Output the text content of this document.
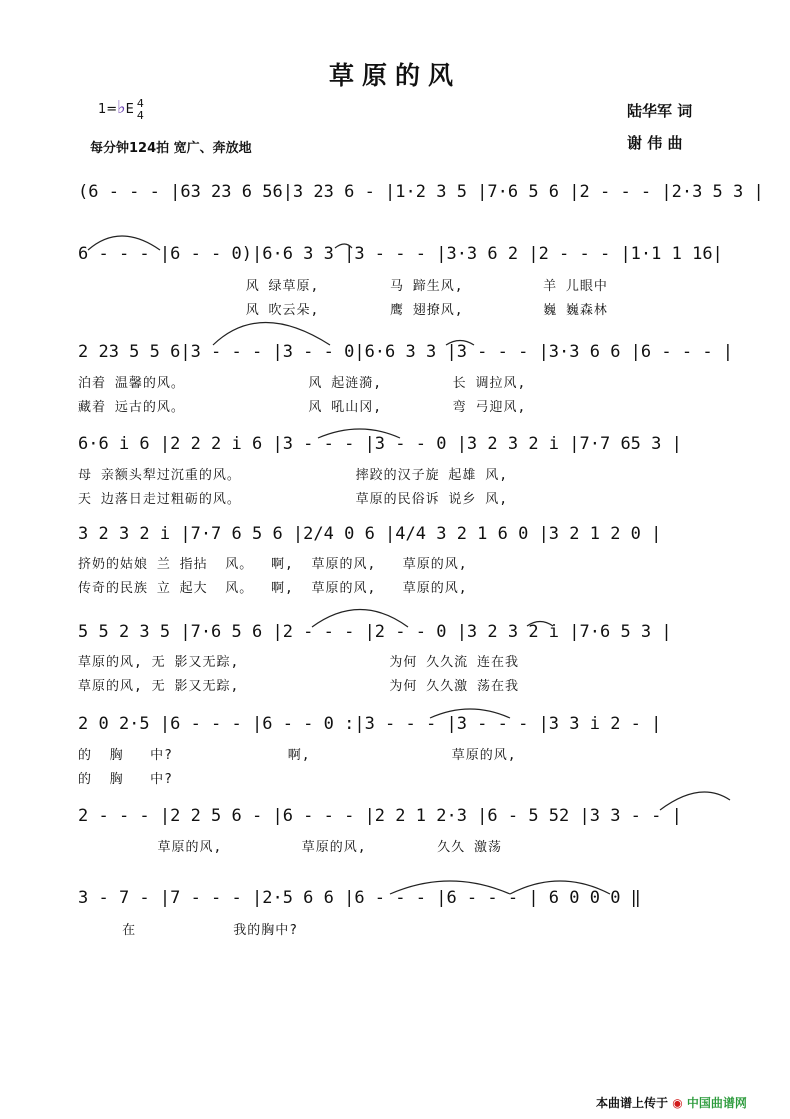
草原的风
1=♭E 4
4
每分钟124拍 宽广、奔放地
陆华军 词
谢 伟 曲
(6 - - - |63 23 6 56|3 23 6 - |1·2 3 5 |7·6 5 6 |2 - - - |2·3 5 3 |
6 - - - |6 - - 0)|6·6 3 3 |3 - - - |3·3 6 2 |2 - - - |1·1 1 16|
风 绿草原,        马 蹄生风,         羊 儿眼中
风 吹云朵,        鹰 翅撩风,         巍 巍森林
2 23 5 5 6|3 - - - |3 - - 0|6·6 3 3 |3 - - - |3·3 6 6 |6 - - - |
泊着 温馨的风。              风 起涟漪,        长 调拉风,
藏着 远古的风。              风 吼山冈,        弯 弓迎风,
6·6 i 6 |2 2 2 i 6 |3 - - - |3 - - 0 |3 2 3 2 i |7·7 65 3 |
母 亲额头犁过沉重的风。             摔跤的汉子旋 起雄 风,
天 边落日走过粗砺的风。             草原的民俗诉 说乡 风,
3 2 3 2 i |7·7 6 5 6 |2/4 0 6 |4/4 3 2 1 6 0 |3 2 1 2 0 |
挤奶的姑娘 兰 指拈  风。  啊,  草原的风,   草原的风,
传奇的民族 立 起大  风。  啊,  草原的风,   草原的风,
5 5 2 3 5 |7·6 5 6 |2 - - - |2 - - 0 |3 2 3 2 i |7·6 5 3 |
草原的风, 无 影又无踪,                 为何 久久流 连在我
草原的风, 无 影又无踪,                 为何 久久激 荡在我
2 0 2·5 |6 - - - |6 - - 0 :|3 - - - |3 - - - |3 3 i 2 - |
的  胸   中?             啊,                草原的风,
的  胸   中?
2 - - - |2 2 5 6 - |6 - - - |2 2 1 2·3 |6 - 5 52 |3 3 - - |
草原的风,         草原的风,        久久 激荡
3 - 7 - |7 - - - |2·5 6 6 |6 - - - |6 - - - | 6 0 0 0 ‖
在           我的胸中?
本曲谱上传于 ◉ 中国曲谱网
